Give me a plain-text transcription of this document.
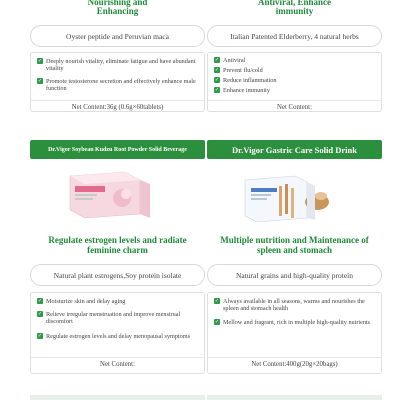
Nourishing and
Enhancing
Oyster peptide and Peruvian maca
✓ Deeply nourish vitality, eliminate fatigue and have abundant vitality
✓ Promote testosterone secretion and effectively enhance male function
Net Content:36g (0.6g×60tablets)
Dr.Vigor Soybean Kudzu Root Powder Solid Beverage
Regulate estrogen levels and radiate
feminine charm
Natural plant estrogens,Soy protein isolate
✓ Moisturize skin and delay aging
✓ Relieve irregular menstruation and improve menstrual discomfort
✓ Regulate estrogen levels and delay menopausal symptoms
Net Content:
Antiviral, Enhance
immunity
Italian Patented Elderberry, 4 natural herbs
✓ Antiviral
✓ Prevent flu/cold
✓ Reduce inflammation
✓ Enhance immunity
Net Content:
Dr.Vigor Gastric Care Solid Drink
Multiple nutrition and Maintenance of
spleen and stomach
Natural grains and high-quality protein
✓ Always available in all seasons, warms and nourishes the spleen and stomach health
✓ Mellow and fragrant, rich in multiple high-quality nutrients
Net Content:400g(20g×20bags)
